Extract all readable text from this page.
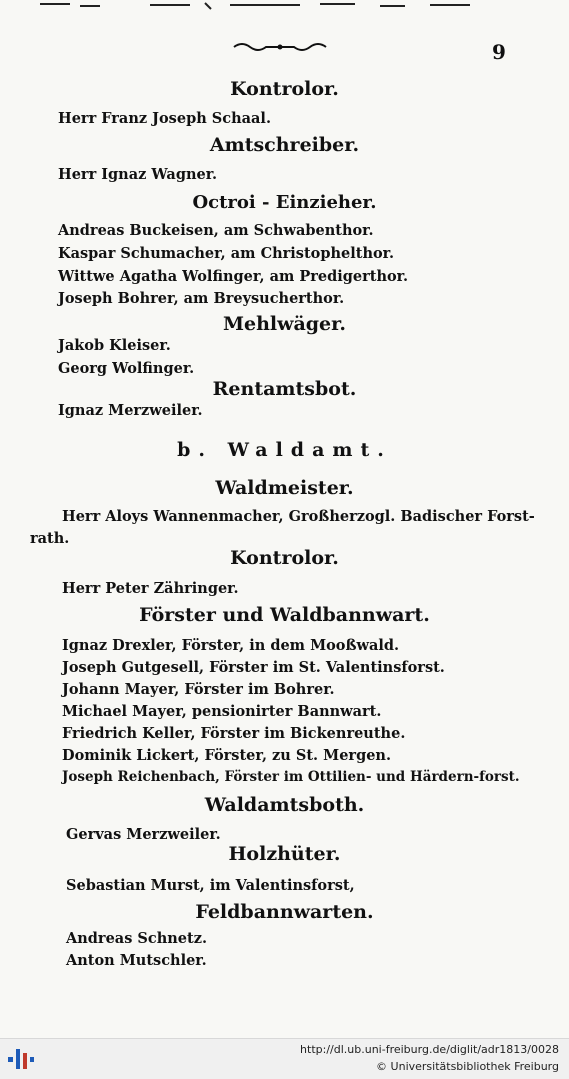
9
Kontrolor.
Herr Franz Joseph Schaal.
Amtschreiber.
Herr Ignaz Wagner.
Octroi - Einzieher.
Andreas Buckeisen, am Schwabenthor.
Kaspar Schumacher, am Christophelthor.
Wittwe Agatha Wolfinger, am Predigerthor.
Joseph Bohrer, am Breysucherthor.
Mehlwäger.
Jakob Kleiser.
Georg Wolfinger.
Rentamtsbot.
Ignaz Merzweiler.
b. Waldamt.
Waldmeister.
Herr Aloys Wannenmacher, Großherzogl. Badischer Forst-
rath.
Kontrolor.
Herr Peter Zähringer.
Förster und Waldbannwart.
Ignaz Drexler, Förster, in dem Mooßwald.
Joseph Gutgesell, Förster im St. Valentinsforst.
Johann Mayer, Förster im Bohrer.
Michael Mayer, pensionirter Bannwart.
Friedrich Keller, Förster im Bickenreuthe.
Dominik Lickert, Förster, zu St. Mergen.
Joseph Reichenbach, Förster im Ottilien- und Härdern-forst.
Waldamtsboth.
Gervas Merzweiler.
Holzhüter.
Sebastian Murst, im Valentinsforst,
Feldbannwarten.
Andreas Schnetz.
Anton Mutschler.
http://dl.ub.uni-freiburg.de/diglit/adr1813/0028
© Universitätsbibliothek Freiburg
